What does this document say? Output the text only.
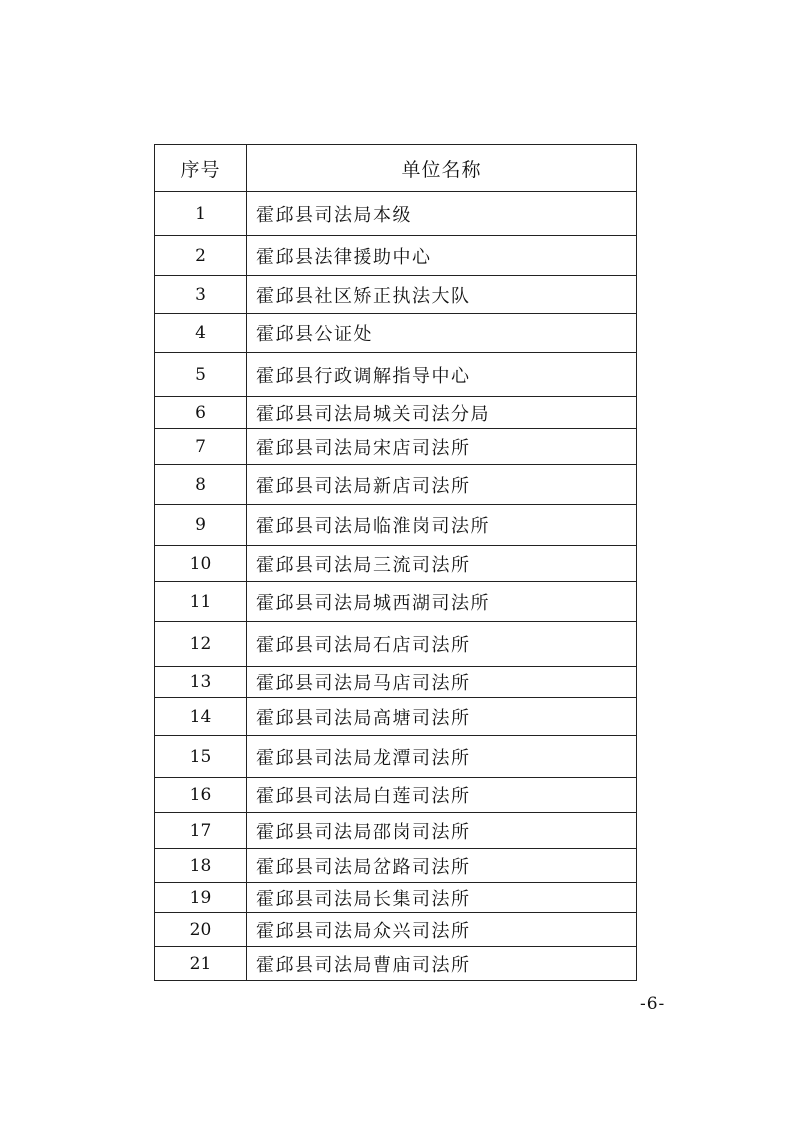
序号	单位名称
1	霍邱县司法局本级
2	霍邱县法律援助中心
3	霍邱县社区矫正执法大队
4	霍邱县公证处
5	霍邱县行政调解指导中心
6	霍邱县司法局城关司法分局
7	霍邱县司法局宋店司法所
8	霍邱县司法局新店司法所
9	霍邱县司法局临淮岗司法所
10	霍邱县司法局三流司法所
11	霍邱县司法局城西湖司法所
12	霍邱县司法局石店司法所
13	霍邱县司法局马店司法所
14	霍邱县司法局高塘司法所
15	霍邱县司法局龙潭司法所
16	霍邱县司法局白莲司法所
17	霍邱县司法局邵岗司法所
18	霍邱县司法局岔路司法所
19	霍邱县司法局长集司法所
20	霍邱县司法局众兴司法所
21	霍邱县司法局曹庙司法所
-6-
